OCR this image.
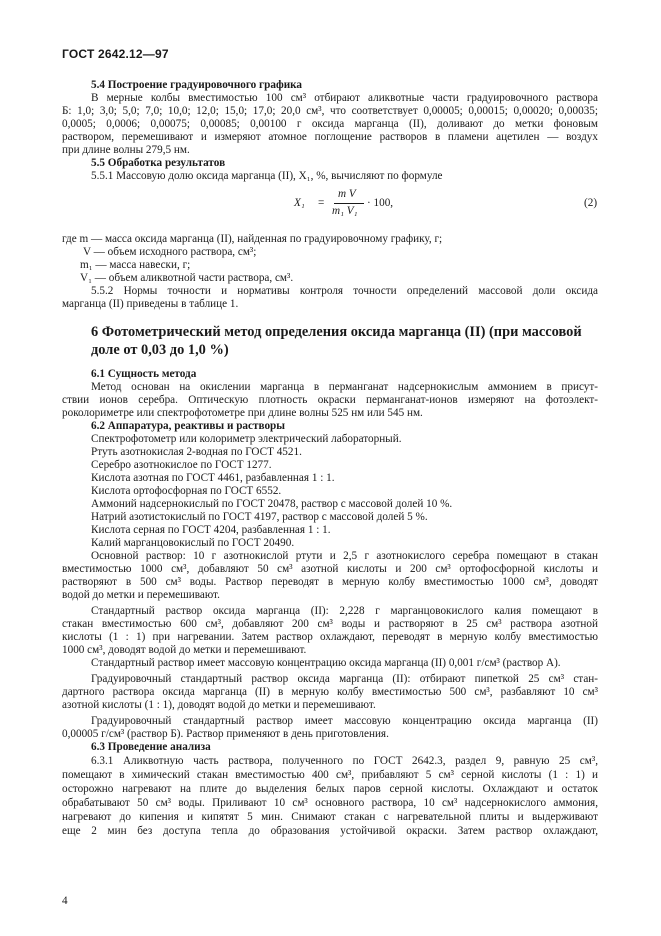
ГОСТ 2642.12—97
5.4 Построение градуировочного графика
В мерные колбы вместимостью 100 см³ отбирают аликвотные части градуировочного раствора
Б: 1,0; 3,0; 5,0; 7,0; 10,0; 12,0; 15,0; 17,0; 20,0 см³, что соответствует 0,00005; 0,00015; 0,00020; 0,00035;
0,0005; 0,0006; 0,00075; 0,00085; 0,00100 г оксида марганца (II), доливают до метки фоновым
раствором, перемешивают и измеряют атомное поглощение растворов в пламени ацетилен — воздух
при длине волны 279,5 нм.
5.5 Обработка результатов
5.5.1 Массовую долю оксида марганца (II), X₁, %, вычисляют по формуле
X₁ =
m V
m₁ V₁
· 100,	(2)
где m — масса оксида марганца (II), найденная по градуировочному графику, г;
V — объем исходного раствора, см³;
m₁ — масса навески, г;
V₁ — объем аликвотной части раствора, см³.
5.5.2 Нормы точности и нормативы контроля точности определений массовой доли оксида
марганца (II) приведены в таблице 1.
6 Фотометрический метод определения оксида марганца (II) (при массовой
доле от 0,03 до 1,0 %)
6.1 Сущность метода
Метод основан на окислении марганца в перманганат надсернокислым аммонием в присут-
ствии ионов серебра. Оптическую плотность окраски перманганат-ионов измеряют на фотоэлект-
роколориметре или спектрофотометре при длине волны 525 нм или 545 нм.
6.2 Аппаратура, реактивы и растворы
Спектрофотометр или колориметр электрический лабораторный.
Ртуть азотнокислая 2-водная по ГОСТ 4521.
Серебро азотнокислое по ГОСТ 1277.
Кислота азотная по ГОСТ 4461, разбавленная 1 : 1.
Кислота ортофосфорная по ГОСТ 6552.
Аммоний надсернокислый по ГОСТ 20478, раствор с массовой долей 10 %.
Натрий азотистокислый по ГОСТ 4197, раствор с массовой долей 5 %.
Кислота серная по ГОСТ 4204, разбавленная 1 : 1.
Калий марганцовокислый по ГОСТ 20490.
Основной раствор: 10 г азотнокислой ртути и 2,5 г азотнокислого серебра помещают в стакан
вместимостью 1000 см³, добавляют 50 см³ азотной кислоты и 200 см³ ортофосфорной кислоты и
растворяют в 500 см³ воды. Раствор переводят в мерную колбу вместимостью 1000 см³, доводят
водой до метки и перемешивают.
Стандартный раствор оксида марганца (II): 2,228 г марганцовокислого калия помещают в
стакан вместимостью 600 см³, добавляют 200 см³ воды и растворяют в 25 см³ раствора азотной
кислоты (1 : 1) при нагревании. Затем раствор охлаждают, переводят в мерную колбу вместимостью
1000 см³, доводят водой до метки и перемешивают.
Стандартный раствор имеет массовую концентрацию оксида марганца (II) 0,001 г/см³ (раствор А).
Градуировочный стандартный раствор оксида марганца (II): отбирают пипеткой 25 см³ стан-
дартного раствора оксида марганца (II) в мерную колбу вместимостью 500 см³, разбавляют 10 см³
азотной кислоты (1 : 1), доводят водой до метки и перемешивают.
Градуировочный стандартный раствор имеет массовую концентрацию оксида марганца (II)
0,00005 г/см³ (раствор Б). Раствор применяют в день приготовления.
6.3 Проведение анализа
6.3.1 Аликвотную часть раствора, полученного по ГОСТ 2642.3, раздел 9, равную 25 см³,
помещают в химический стакан вместимостью 400 см³, прибавляют 5 см³ серной кислоты (1 : 1) и
осторожно нагревают на плите до выделения белых паров серной кислоты. Охлаждают и остаток
обрабатывают 50 см³ воды. Приливают 10 см³ основного раствора, 10 см³ надсернокислого аммония,
нагревают до кипения и кипятят 5 мин. Снимают стакан с нагревательной плиты и выдерживают
еще 2 мин без доступа тепла до образования устойчивой окраски. Затем раствор охлаждают,
4
